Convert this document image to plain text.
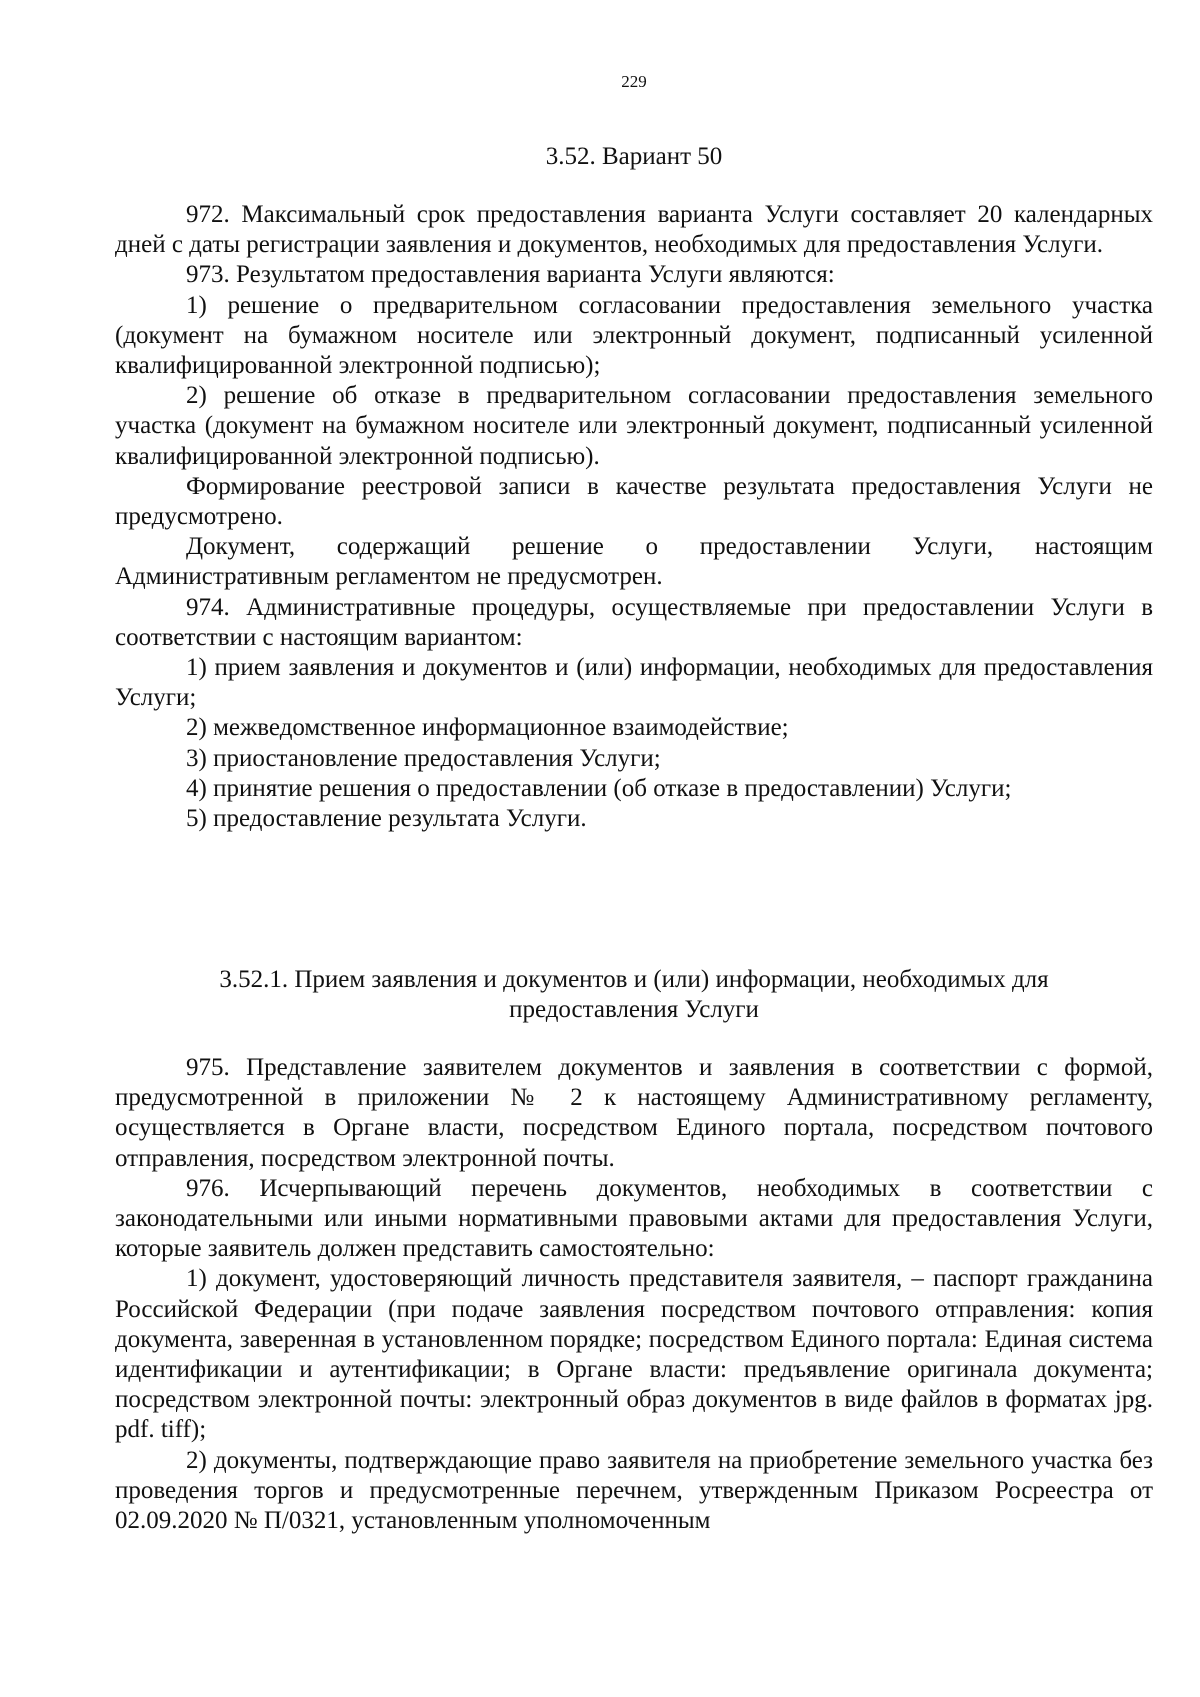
229
3.52. Вариант 50

972. Максимальный срок предоставления варианта Услуги составляет 20 календарных дней с даты регистрации заявления и документов, необходимых для предоставления Услуги.

973. Результатом предоставления варианта Услуги являются:

1) решение о предварительном согласовании предоставления земельного участка (документ на бумажном носителе или электронный документ, подписанный усиленной квалифицированной электронной подписью);

2) решение об отказе в предварительном согласовании предоставления земельного участка (документ на бумажном носителе или электронный документ, подписанный усиленной квалифицированной электронной подписью).

Формирование реестровой записи в качестве результата предоставления Услуги не предусмотрено.

Документ, содержащий решение о предоставлении Услуги, настоящим Административным регламентом не предусмотрен.

974. Административные процедуры, осуществляемые при предоставлении Услуги в соответствии с настоящим вариантом:

1) прием заявления и документов и (или) информации, необходимых для предоставления Услуги;

2) межведомственное информационное взаимодействие;

3) приостановление предоставления Услуги;

4) принятие решения о предоставлении (об отказе в предоставлении) Услуги;

5) предоставление результата Услуги.

3.52.1. Прием заявления и документов и (или) информации, необходимых для
предоставления Услуги

975. Представление заявителем документов и заявления в соответствии с формой, предусмотренной в приложении № 2 к настоящему Административному регламенту, осуществляется в Органе власти, посредством Единого портала, посредством почтового отправления, посредством электронной почты.

976. Исчерпывающий перечень документов, необходимых в соответствии с законодательными или иными нормативными правовыми актами для предоставления Услуги, которые заявитель должен представить самостоятельно:

1) документ, удостоверяющий личность представителя заявителя, – паспорт гражданина Российской Федерации (при подаче заявления посредством почтового отправления: копия документа, заверенная в установленном порядке; посредством Единого портала: Единая система идентификации и аутентификации; в Органе власти: предъявление оригинала документа; посредством электронной почты: электронный образ документов в виде файлов в форматах jpg. pdf. tiff);

2) документы, подтверждающие право заявителя на приобретение земельного участка без проведения торгов и предусмотренные перечнем, утвержденным Приказом Росреестра от 02.09.2020 № П/0321, установленным уполномоченным
